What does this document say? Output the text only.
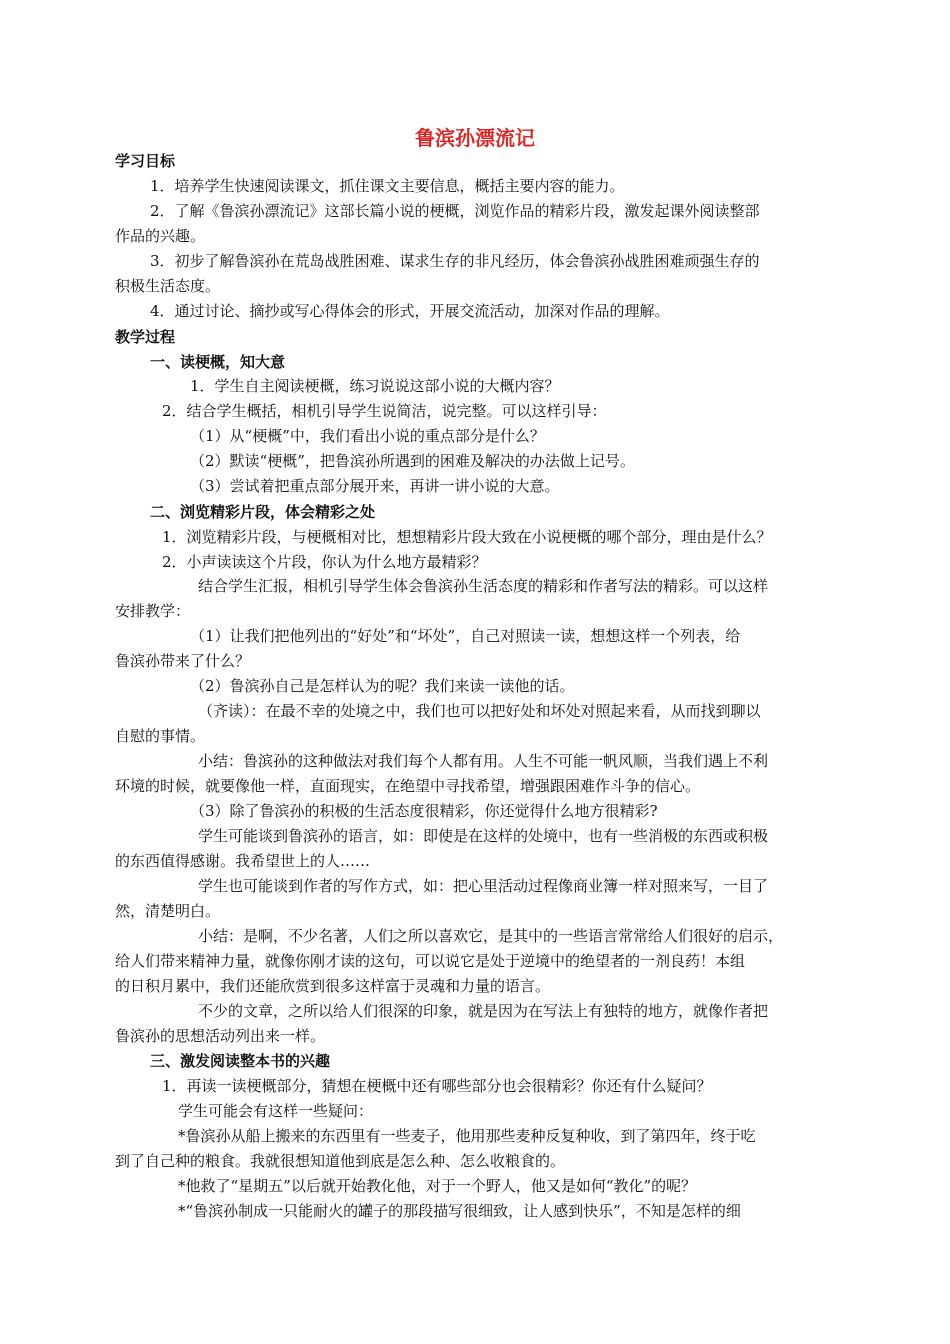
鲁滨孙漂流记
学习目标
1．培养学生快速阅读课文，抓住课文主要信息，概括主要内容的能力。
2．了解《鲁滨孙漂流记》这部长篇小说的梗概，浏览作品的精彩片段，激发起课外阅读整部
作品的兴趣。
3．初步了解鲁滨孙在荒岛战胜困难、谋求生存的非凡经历，体会鲁滨孙战胜困难顽强生存的
积极生活态度。
4．通过讨论、摘抄或写心得体会的形式，开展交流活动，加深对作品的理解。
教学过程
一、读梗概，知大意
1．学生自主阅读梗概，练习说说这部小说的大概内容？
2．结合学生概括，相机引导学生说简洁，说完整。可以这样引导：
（1）从“梗概”中，我们看出小说的重点部分是什么？
（2）默读“梗概”，把鲁滨孙所遇到的困难及解决的办法做上记号。
（3）尝试着把重点部分展开来，再讲一讲小说的大意。
二、浏览精彩片段，体会精彩之处
1．浏览精彩片段，与梗概相对比，想想精彩片段大致在小说梗概的哪个部分，理由是什么？
2．小声读读这个片段，你认为什么地方最精彩？
结合学生汇报，相机引导学生体会鲁滨孙生活态度的精彩和作者写法的精彩。可以这样
安排教学：
（1）让我们把他列出的“好处”和“坏处”，自己对照读一读，想想这样一个列表，给
鲁滨孙带来了什么？
（2）鲁滨孙自己是怎样认为的呢？我们来读一读他的话。
（齐读）：在最不幸的处境之中，我们也可以把好处和坏处对照起来看，从而找到聊以
自慰的事情。
小结：鲁滨孙的这种做法对我们每个人都有用。人生不可能一帆风顺，当我们遇上不利
环境的时候，就要像他一样，直面现实，在绝望中寻找希望，增强跟困难作斗争的信心。
（3）除了鲁滨孙的积极的生活态度很精彩，你还觉得什么地方很精彩?
学生可能谈到鲁滨孙的语言，如：即使是在这样的处境中，也有一些消极的东西或积极
的东西值得感谢。我希望世上的人……
学生也可能谈到作者的写作方式，如：把心里活动过程像商业簿一样对照来写，一目了
然，清楚明白。
小结：是啊，不少名著，人们之所以喜欢它，是其中的一些语言常常给人们很好的启示，
给人们带来精神力量，就像你刚才读的这句，可以说它是处于逆境中的绝望者的一剂良药！本组
的日积月累中，我们还能欣赏到很多这样富于灵魂和力量的语言。
不少的文章，之所以给人们很深的印象，就是因为在写法上有独特的地方，就像作者把
鲁滨孙的思想活动列出来一样。
三、激发阅读整本书的兴趣
1．再读一读梗概部分，猜想在梗概中还有哪些部分也会很精彩？你还有什么疑问？
学生可能会有这样一些疑问：
*鲁滨孙从船上搬来的东西里有一些麦子，他用那些麦种反复种收，到了第四年，终于吃
到了自己种的粮食。我就很想知道他到底是怎么种、怎么收粮食的。
*他救了“星期五”以后就开始教化他，对于一个野人，他又是如何“教化”的呢？
*“鲁滨孙制成一只能耐火的罐子的那段描写很细致，让人感到快乐”，不知是怎样的细
